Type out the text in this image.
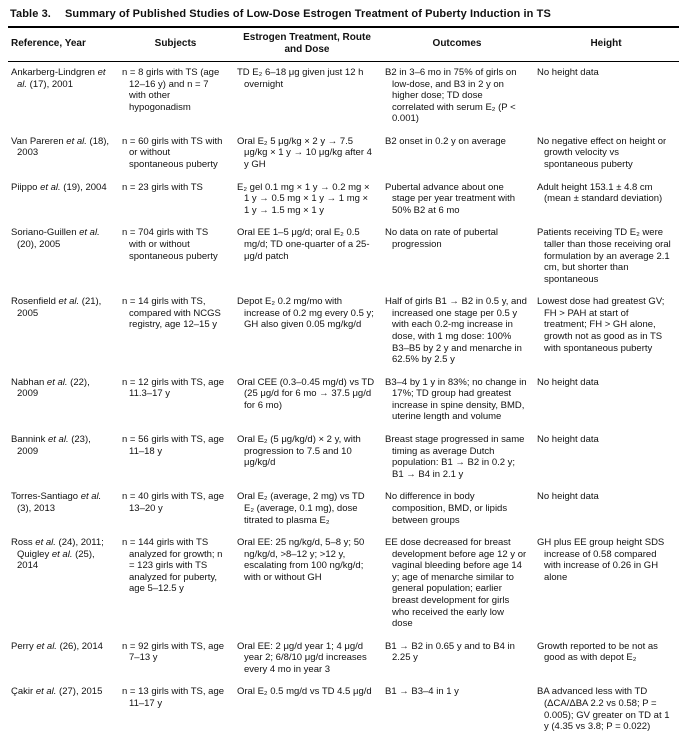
Table 3. Summary of Published Studies of Low-Dose Estrogen Treatment of Puberty Induction in TS
Reference, Year	Subjects	Estrogen Treatment, Route and Dose	Outcomes	Height
Ankarberg-Lindgren et al. (17), 2001	n = 8 girls with TS (age 12–16 y) and n = 7 with other hypogonadism	TD E₂ 6–18 μg given just 12 h overnight	B2 in 3–6 mo in 75% of girls on low-dose, and B3 in 2 y on higher dose; TD dose correlated with serum E₂ (P < 0.001)	No height data
Van Pareren et al. (18), 2003	n = 60 girls with TS with or without spontaneous puberty	Oral E₂ 5 μg/kg × 2 y → 7.5 μg/kg × 1 y → 10 μg/kg after 4 y GH	B2 onset in 0.2 y on average	No negative effect on height or growth velocity vs spontaneous puberty
Piippo et al. (19), 2004	n = 23 girls with TS	E₂ gel 0.1 mg × 1 y → 0.2 mg × 1 y → 0.5 mg × 1 y → 1 mg × 1 y → 1.5 mg × 1 y	Pubertal advance about one stage per year treatment with 50% B2 at 6 mo	Adult height 153.1 ± 4.8 cm (mean ± standard deviation)
Soriano-Guillen et al. (20), 2005	n = 704 girls with TS with or without spontaneous puberty	Oral EE 1–5 μg/d; oral E₂ 0.5 mg/d; TD one-quarter of a 25-μg/d patch	No data on rate of pubertal progression	Patients receiving TD E₂ were taller than those receiving oral formulation by an average 2.1 cm, but shorter than spontaneous
Rosenfield et al. (21), 2005	n = 14 girls with TS, compared with NCGS registry, age 12–15 y	Depot E₂ 0.2 mg/mo with increase of 0.2 mg every 0.5 y; GH also given 0.05 mg/kg/d	Half of girls B1 → B2 in 0.5 y, and increased one stage per 0.5 y with each 0.2-mg increase in dose, with 1 mg dose: 100% B3–B5 by 2 y and menarche in 62.5% by 2.5 y	Lowest dose had greatest GV; FH > PAH at start of treatment; FH > GH alone, growth not as good as in TS with spontaneous puberty
Nabhan et al. (22), 2009	n = 12 girls with TS, age 11.3–17 y	Oral CEE (0.3–0.45 mg/d) vs TD (25 μg/d for 6 mo → 37.5 μg/d for 6 mo)	B3–4 by 1 y in 83%; no change in 17%; TD group had greatest increase in spine density, BMD, uterine length and volume	No height data
Bannink et al. (23), 2009	n = 56 girls with TS, age 11–18 y	Oral E₂ (5 μg/kg/d) × 2 y, with progression to 7.5 and 10 μg/kg/d	Breast stage progressed in same timing as average Dutch population: B1 → B2 in 0.2 y; B1 → B4 in 2.1 y	No height data
Torres-Santiago et al. (3), 2013	n = 40 girls with TS, age 13–20 y	Oral E₂ (average, 2 mg) vs TD E₂ (average, 0.1 mg), dose titrated to plasma E₂	No difference in body composition, BMD, or lipids between groups	No height data
Ross et al. (24), 2011; Quigley et al. (25), 2014	n = 144 girls with TS analyzed for growth; n = 123 girls with TS analyzed for puberty, age 5–12.5 y	Oral EE: 25 ng/kg/d, 5–8 y; 50 ng/kg/d, >8–12 y; >12 y, escalating from 100 ng/kg/d; with or without GH	EE dose decreased for breast development before age 12 y or vaginal bleeding before age 14 y; age of menarche similar to general population; earlier breast development for girls who received the early low dose	GH plus EE group height SDS increase of 0.58 compared with increase of 0.26 in GH alone
Perry et al. (26), 2014	n = 92 girls with TS, age 7–13 y	Oral EE: 2 μg/d year 1; 4 μg/d year 2; 6/8/10 μg/d increases every 4 mo in year 3	B1 → B2 in 0.65 y and to B4 in 2.25 y	Growth reported to be not as good as with depot E₂
Çakir et al. (27), 2015	n = 13 girls with TS, age 11–17 y	Oral E₂ 0.5 mg/d vs TD 4.5 μg/d	B1 → B3–4 in 1 y	BA advanced less with TD (ΔCA/ΔBA 2.2 vs 0.58; P = 0.005); GV greater on TD at 1 y (4.35 vs 3.8; P = 0.022)
